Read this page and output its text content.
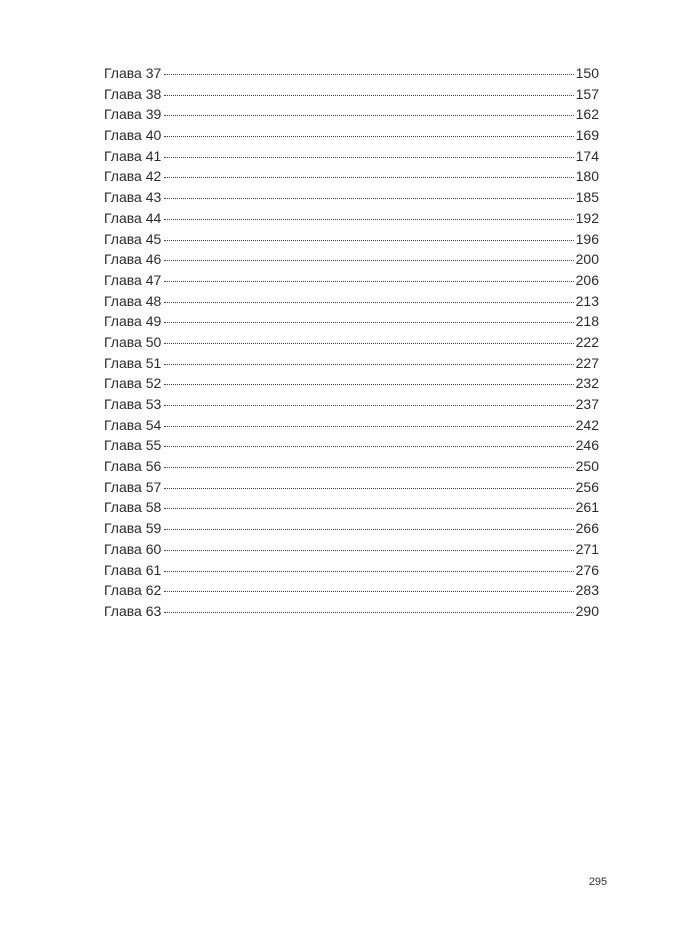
Глава 37	150
Глава 38	157
Глава 39	162
Глава 40	169
Глава 41	174
Глава 42	180
Глава 43	185
Глава 44	192
Глава 45	196
Глава 46	200
Глава 47	206
Глава 48	213
Глава 49	218
Глава 50	222
Глава 51	227
Глава 52	232
Глава 53	237
Глава 54	242
Глава 55	246
Глава 56	250
Глава 57	256
Глава 58	261
Глава 59	266
Глава 60	271
Глава 61	276
Глава 62	283
Глава 63	290
295
